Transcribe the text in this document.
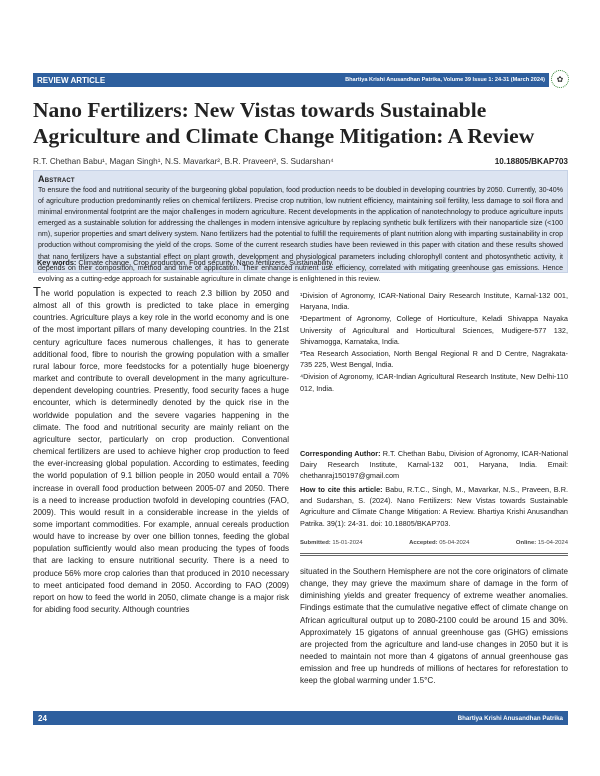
REVIEW ARTICLE	Bhartiya Krishi Anusandhan Patrika, Volume 39 Issue 1: 24-31 (March 2024)	✿
Nano Fertilizers: New Vistas towards Sustainable Agriculture and Climate Change Mitigation: A Review
R.T. Chethan Babu¹, Magan Singh¹, N.S. Mavarkar², B.R. Praveen³, S. Sudarshan⁴	10.18805/BKAP703
Abstract

To ensure the food and nutritional security of the burgeoning global population, food production needs to be doubled in developing countries by 2050. Currently, 30-40% of agriculture production predominantly relies on chemical fertilizers. Precise crop nutrition, low nutrient efficiency, maintaining soil fertility, less damage to soil flora and minimal environmental footprint are the major challenges in modern agriculture. Recent developments in the application of nanotechnology to produce agriculture inputs emerged as a sustainable solution for addressing the challenges in modern intensive agriculture by replacing synthetic bulk fertilizers with their nanoparticle size (<100 nm), superior properties and smart delivery system. Nano fertilizers had the potential to fulfill the requirements of plant nutrition along with imparting sustainability in crop production without compromising the yield of the crops. Some of the current research studies have been reviewed in this paper with citation and these results showed that nano fertilizers have a substantial effect on plant growth, development and physiological parameters including chlorophyll content and photosynthetic activity, it depends on their composition, method and time of application. Their enhanced nutrient use efficiency, correlated with mitigating greenhouse gas emissions. Hence evolving as a cutting-edge approach for sustainable agriculture in climate change is enlightened in this review.

Key words: Climate change, Crop production, Food security, Nano fertilizers, Sustainability.
The world population is expected to reach 2.3 billion by 2050 and almost all of this growth is predicted to take place in emerging countries. Agriculture plays a key role in the world economy and is one of the most important pillars of many developing countries. In the 21st century agriculture faces numerous challenges, it has to generate additional food, fibre to nourish the growing population with a smaller rural labour force, more feedstocks for a potentially huge bioenergy market and contribute to overall development in the many agriculture-dependent developing countries. Presently, food security faces a huge encounter, which is determinedly denoted by the quick rise in the worldwide population and the severe vagaries happening in the climate. The food and nutritional security are mainly reliant on the agriculture sector, particularly on crop production. Conventional chemical fertilizers are used to achieve higher crop production to feed the ever-increasing global population. According to estimates, feeding the world population of 9.1 billion people in 2050 would entail a 70% increase in overall food production between 2005-07 and 2050. There is a need to increase production twofold in developing countries (FAO, 2009). This would result in a considerable increase in the yields of some important commodities. For example, annual cereals production would have to increase by over one billion tonnes, feeding the global population sufficiently would also mean producing the types of foods that are lacking to ensure nutritional security. There is a need to produce 56% more crop calories than that produced in 2010 necessary to meet anticipated food demand in 2050. According to FAO (2009) report on how to feed the world in 2050, climate change is a major risk for abiding food security. Although countries

¹Division of Agronomy, ICAR-National Dairy Research Institute, Karnal-132 001, Haryana, India.

²Department of Agronomy, College of Horticulture, Keladi Shivappa Nayaka University of Agricultural and Horticultural Sciences, Mudigere-577 132, Shivamogga, Karnataka, India.

³Tea Research Association, North Bengal Regional R and D Centre, Nagrakata-735 225, West Bengal, India.

⁴Division of Agronomy, ICAR-Indian Agricultural Research Institute, New Delhi-110 012, India.

Corresponding Author: R.T. Chethan Babu, Division of Agronomy, ICAR-National Dairy Research Institute, Karnal-132 001, Haryana, India. Email: chethanraj150197@gmail.com
How to cite this article: Babu, R.T.C., Singh, M., Mavarkar, N.S., Praveen, B.R. and Sudarshan, S. (2024). Nano Fertilizers: New Vistas towards Sustainable Agriculture and Climate Change Mitigation: A Review. Bhartiya Krishi Anusandhan Patrika. 39(1): 24-31. doi: 10.18805/BKAP703.
Submitted: 15-01-2024	Accepted: 05-04-2024	Online: 15-04-2024
situated in the Southern Hemisphere are not the core originators of climate change, they may grieve the maximum share of damage in the form of diminishing yields and greater frequency of extreme weather anomalies. Findings estimate that the cumulative negative effect of climate change on African agricultural output up to 2080-2100 could be around 15 and 30%. Approximately 15 gigatons of annual greenhouse gas (GHG) emissions are projected from the agriculture and land-use changes in 2050 but it is needed to maintain not more than 4 gigatons of annual greenhouse gas emission and free up hundreds of millions of hectares for reforestation to keep the global warming under 1.5°C.
24	Bhartiya Krishi Anusandhan Patrika
